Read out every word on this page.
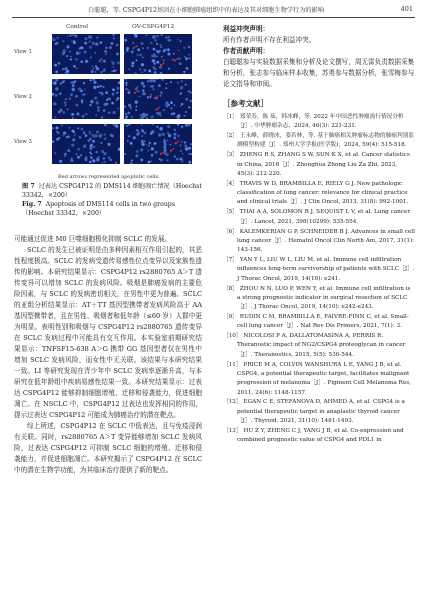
白聪聪，等. CSPG4P12基因在小细胞肺癌组织中的表达及其对细胞生物学行为的影响	401
Control	OV-CSPG4P12
View 1
View 2
View 3
Red arrows represented apoptotic cells.

图 7 过表达 CSPG4P12 的 DMS114 细胞凋亡情况（Hoechst 33342，×200）

Fig. 7 Apoptosis of DMS114 cells in two groups （Hoechst 33342，×200）

可能通过促进 M0 巨噬细胞极化抑制 SCLC 的发展。

SCLC 的发生已被证明是由多种因素相互作用引起的，其恶性程度极高。SCLC 的发病受遗传易感性位点变异以及家族性遗传的影响。本研究结果显示：CSPG4P12 rs2880765 A＞T 遗传变异可以增加 SCLC 的发病风险。吸烟是肺癌发病的主要危险因素，与 SCLC 的发病密切相关，在男性中更为普遍。SCLC 的亚组分析结果显示：AT＋TT 基因型携带者发病风险高于 AA 基因型携带者，且在男性、吸烟者和低年龄（≤60 岁）人群中更为明显。表明性别和吸烟与 CSPG4P12 rs2880765 遗传变异在 SCLC 发病过程中可能具有交互作用。本实验室前期研究结果显示：TNFSF15-638 A＞G 携带 GG 基因型者仅在男性中增加 SCLC 发病风险，而女性中无关联。该结果与本研究结果一致。LI 等研究发现在青少年中 SCLC 发病率逐渐升高，与本研究在低年龄组中疾病易感性结果一致。本研究结果显示：过表达 CSPG4P12 能够抑制细胞增殖、迁移和侵袭能力，促进细胞凋亡。在 NSCLC 中，CSPG4P12 过表达也发挥相同的作用，提示过表达 CSPG4P12 可能成为肺癌治疗的潜在靶点。

综上所述，CSPG4P12 在 SCLC 中低表达，且与免疫浸润有关联。同时，rs2880765 A＞T 变异能够增加 SCLC 发病风险，过表达 CSPG4P12 可抑制 SCLC 细胞的增殖、迁移和侵袭能力，并促进细胞凋亡。本研究揭示了 CSPG4P12 在 SCLC 中的潜在生物学功能，为其临床治疗提供了新的靶点。

利益冲突声明：
所有作者声明不存在利益冲突。

作者贡献声明：
白聪聪参与实验数据采集和分析及论文撰写，周无雷负责数据采集和分析，张志参与临床样本收集，苏勇参与数据分析，张雪梅参与论文指导和审阅。

［参考文献］

［1］ 郑荣寿，陈 茹，韩冰峰，等. 2022 年中国恶性肿瘤流行情况分析［J］. 中华肿瘤杂志，2024, 46(3): 221-231.

［2］ 王永峰，薛晓冰，娄若林，等. 基于肺癌相关肿瘤标志物的肺癌判别监测模型构建［J］. 郑州大学学报(医学版)，2024, 59(4): 515-518.

［3］ ZHENG R S, ZHANG S W, SUN K X, et al. Cancer statistics in China, 2016［J］. Zhonghua Zhong Liu Za Zhi, 2023, 45(3): 212-220.

［4］ TRAVIS W D, BRAMBILLA E, RIELY G J. New pathologic classification of lung cancer: relevance for clinical practice and clinical trials［J］. J Clin Oncol, 2013, 31(8): 992-1001.

［5］ THAI A A, SOLOMON B J, SEQUIST L V, et al. Lung cancer［J］. Lancet, 2021, 398(10299): 535-554.

［6］ KALEMKERIAN G P, SCHNEIDER B J. Advances in small cell lung cancer［J］. Hematol Oncol Clin North Am, 2017, 31(1): 143-156.

［7］ YAN Y L, LIU W L, LIU M, et al. Immune cell infiltration influences long-term survivorship of patients with SCLC［J］. J Thorac Oncol, 2019, 14(10): e241.

［8］ ZHOU N N, LUO P, WEN Y, et al. Immune cell infiltration is a strong prognostic indicator in surgical resection of SCLC［J］. J Thorac Oncol, 2019, 14(10): e242-e243.

［9］ RUDIN C M, BRAMBILLA E, FAIVRE-FINN C, et al. Small-cell lung cancer［J］. Nat Rev Dis Primers, 2021, 7(1): 3.

［10］ NICOLOSI P A, DALLATOMASINA A, PERRIS R. Theranostic impact of NG2/CSPG4 proteoglycan in cancer［J］. Theranostics, 2015, 5(5): 530-544.

［11］ PRICE M A, COLVIN WANSHURA L E, YANG J B, et al. CSPG4, a potential therapeutic target, facilitates malignant progression of melanoma［J］. Pigment Cell Melanoma Res, 2011, 24(6): 1148-1157.

［12］ EGAN C E, STEFANOVA D, AHMED A, et al. CSPG4 is a potential therapeutic target in anaplastic thyroid cancer［J］. Thyroid, 2021, 31(10): 1481-1493.

［13］ HU Z Y, ZHENG C J, YANG J B, et al. Co-expression and combined prognostic value of CSPG4 and PDL1 in
